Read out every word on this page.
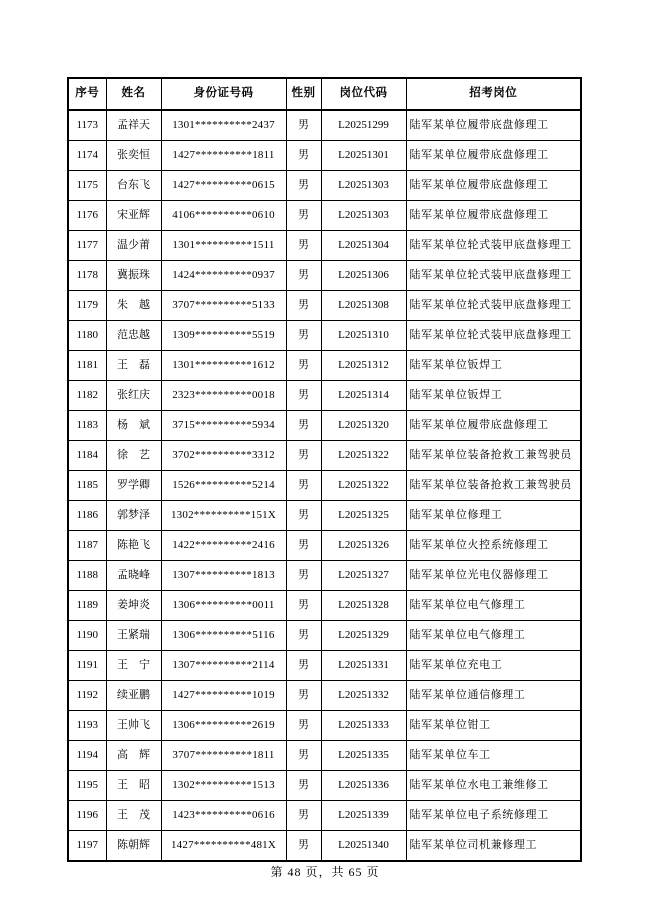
序号	姓名	身份证号码	性别	岗位代码	招考岗位
1173	孟祥天	1301**********2437	男	L20251299	陆军某单位履带底盘修理工
1174	张奕恒	1427**********1811	男	L20251301	陆军某单位履带底盘修理工
1175	台东飞	1427**********0615	男	L20251303	陆军某单位履带底盘修理工
1176	宋亚辉	4106**********0610	男	L20251303	陆军某单位履带底盘修理工
1177	温少莆	1301**********1511	男	L20251304	陆军某单位轮式装甲底盘修理工
1178	冀振珠	1424**********0937	男	L20251306	陆军某单位轮式装甲底盘修理工
1179	朱　越	3707**********5133	男	L20251308	陆军某单位轮式装甲底盘修理工
1180	范忠越	1309**********5519	男	L20251310	陆军某单位轮式装甲底盘修理工
1181	王　磊	1301**********1612	男	L20251312	陆军某单位钣焊工
1182	张红庆	2323**********0018	男	L20251314	陆军某单位钣焊工
1183	杨　斌	3715**********5934	男	L20251320	陆军某单位履带底盘修理工
1184	徐　艺	3702**********3312	男	L20251322	陆军某单位装备抢救工兼驾驶员
1185	罗学卿	1526**********5214	男	L20251322	陆军某单位装备抢救工兼驾驶员
1186	郭梦泽	1302**********151X	男	L20251325	陆军某单位修理工
1187	陈艳飞	1422**********2416	男	L20251326	陆军某单位火控系统修理工
1188	孟晓峰	1307**********1813	男	L20251327	陆军某单位光电仪器修理工
1189	姜坤炎	1306**********0011	男	L20251328	陆军某单位电气修理工
1190	王紧瑞	1306**********5116	男	L20251329	陆军某单位电气修理工
1191	王　宁	1307**********2114	男	L20251331	陆军某单位充电工
1192	续亚鹏	1427**********1019	男	L20251332	陆军某单位通信修理工
1193	王帅飞	1306**********2619	男	L20251333	陆军某单位钳工
1194	高　辉	3707**********1811	男	L20251335	陆军某单位车工
1195	王　昭	1302**********1513	男	L20251336	陆军某单位水电工兼维修工
1196	王　茂	1423**********0616	男	L20251339	陆军某单位电子系统修理工
1197	陈朝辉	1427**********481X	男	L20251340	陆军某单位司机兼修理工
第 48 页，共 65 页
